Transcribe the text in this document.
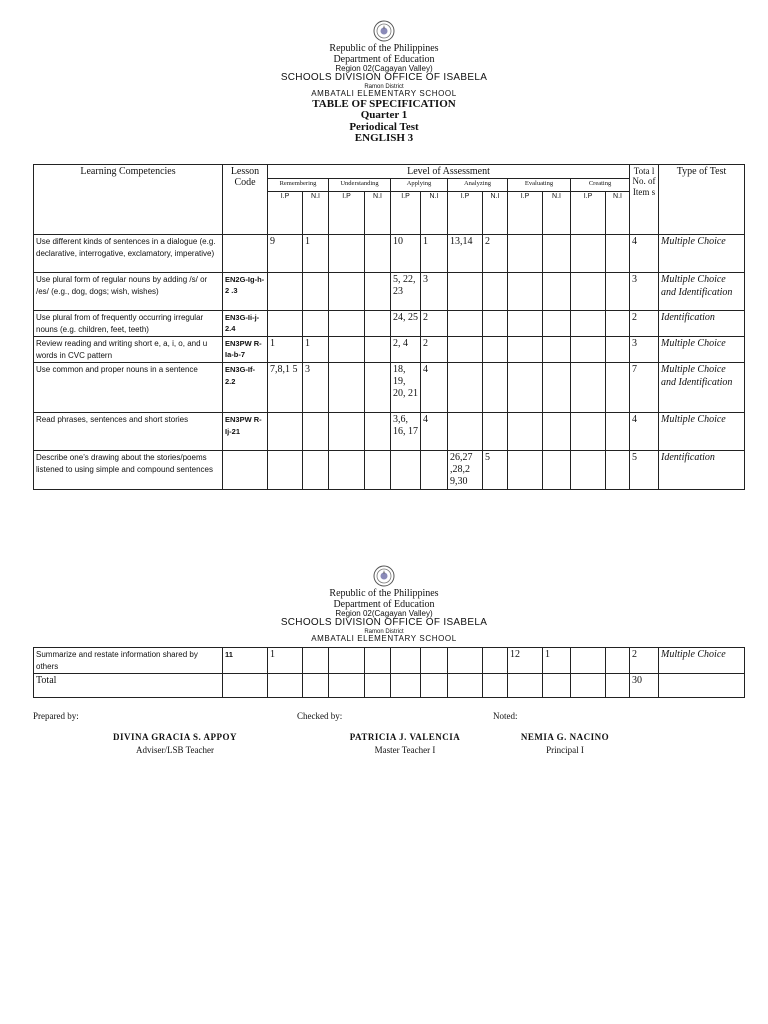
Republic of the Philippines
Department of Education
Region 02(Cagayan Valley)
SCHOOLS DIVISION OFFICE OF ISABELA
Ramon District
AMBATALI ELEMENTARY SCHOOL
TABLE OF SPECIFICATION
Quarter 1
Periodical Test
ENGLISH 3
Learning Competencies	Lesson Code	Level of Assessment												Tota l No. of Item s	Type of Test
		Remembering		Understanding		Applying		Analyzing		Evaluating		Creating			
		I.P	N.I	I.P	N.I	I.P	N.I	I.P	N.I	I.P	N.I	I.P	N.I		
Use different kinds of sentences in a dialogue (e.g. declarative, interrogative, exclamatory, imperative)		9	1			10	1	13,14	2					4	Multiple Choice
Use plural form of regular nouns by adding /s/ or /es/ (e.g., dog, dogs; wish, wishes)	EN2G-Ig-h-2 .3					5, 22, 23	3							3	Multiple Choice and Identification
Use plural from of frequently occurring irregular nouns (e.g. children, feet, teeth)	EN3G-Ii-j-2.4					24, 25	2							2	Identification
Review reading and writing short e, a, i, o, and u words in CVC pattern	EN3PW R-Ia-b-7	1	1			2, 4	2							3	Multiple Choice
Use common and proper nouns in a sentence	EN3G-If-2.2	7,8,1 5	3			18, 19, 20, 21	4							7	Multiple Choice and Identification
Read phrases, sentences and short stories	EN3PW R-Ij-21					3,6, 16, 17	4							4	Multiple Choice
Describe one’s drawing about the stories/poems listened to using simple and compound sentences								26,27 ,28,2 9,30	5					5	Identification
Republic of the Philippines
Department of Education
Region 02(Cagayan Valley)
SCHOOLS DIVISION OFFICE OF ISABELA
Ramon District
AMBATALI ELEMENTARY SCHOOL
Summarize and restate information shared by others	11	1								12	1			2	Multiple Choice
Total														30	
Prepared by:	Checked by:	Noted:
DIVINA GRACIA S. APPOY
Adviser/LSB Teacher
PATRICIA J. VALENCIA
Master Teacher I
NEMIA G. NACINO
Principal I
